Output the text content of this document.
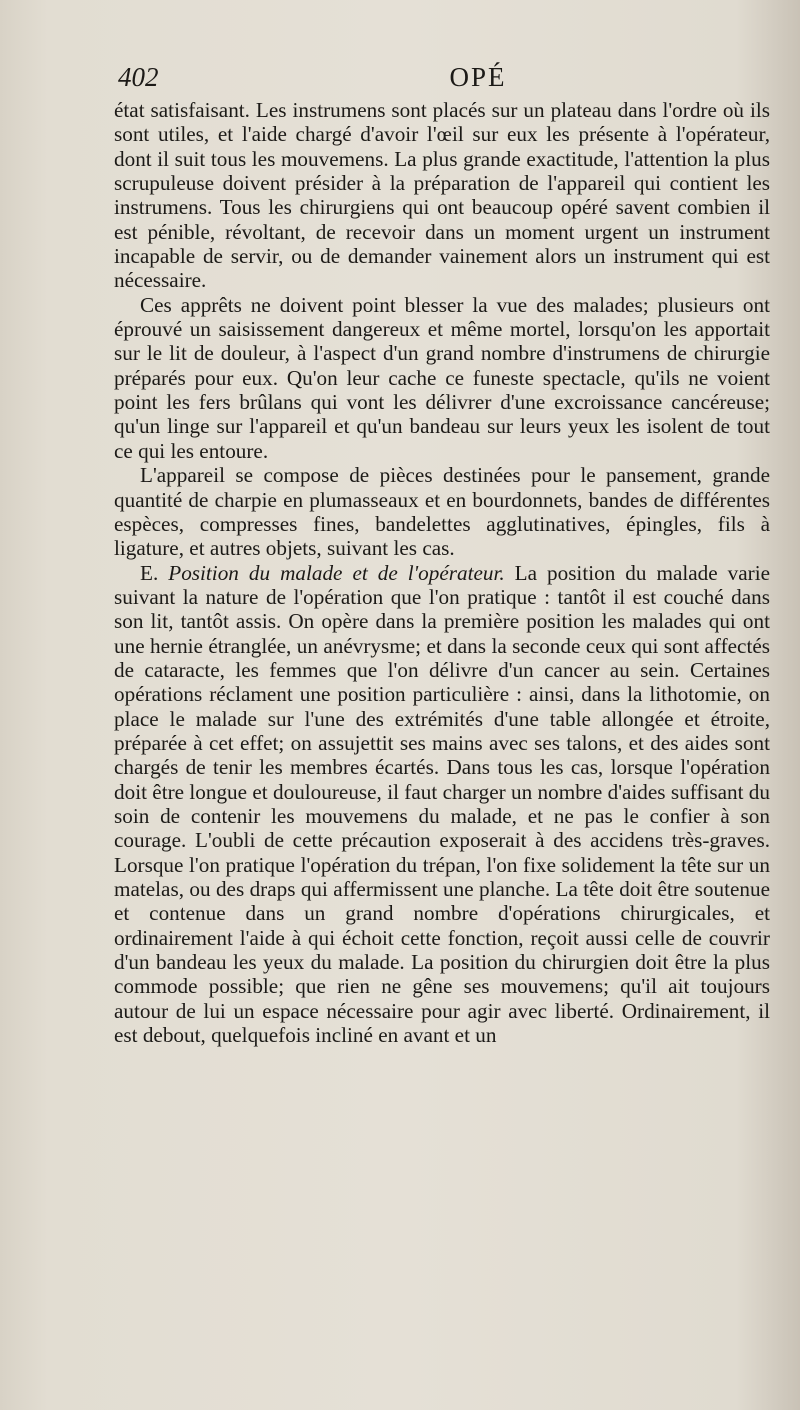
402	OPÉ

état satisfaisant. Les instrumens sont placés sur un plateau dans l'ordre où ils sont utiles, et l'aide chargé d'avoir l'œil sur eux les présente à l'opérateur, dont il suit tous les mouvemens. La plus grande exactitude, l'attention la plus scrupuleuse doivent présider à la préparation de l'appareil qui contient les instrumens. Tous les chirurgiens qui ont beaucoup opéré savent combien il est pénible, révoltant, de recevoir dans un moment urgent un instrument incapable de servir, ou de demander vainement alors un instrument qui est nécessaire.

Ces apprêts ne doivent point blesser la vue des malades; plusieurs ont éprouvé un saisissement dangereux et même mortel, lorsqu'on les apportait sur le lit de douleur, à l'aspect d'un grand nombre d'instrumens de chirurgie préparés pour eux. Qu'on leur cache ce funeste spectacle, qu'ils ne voient point les fers brûlans qui vont les délivrer d'une excroissance cancéreuse; qu'un linge sur l'appareil et qu'un bandeau sur leurs yeux les isolent de tout ce qui les entoure.

L'appareil se compose de pièces destinées pour le pansement, grande quantité de charpie en plumasseaux et en bourdonnets, bandes de différentes espèces, compresses fines, bandelettes agglutinatives, épingles, fils à ligature, et autres objets, suivant les cas.

E. Position du malade et de l'opérateur. La position du malade varie suivant la nature de l'opération que l'on pratique : tantôt il est couché dans son lit, tantôt assis. On opère dans la première position les malades qui ont une hernie étranglée, un anévrysme; et dans la seconde ceux qui sont affectés de cataracte, les femmes que l'on délivre d'un cancer au sein. Certaines opérations réclament une position particulière : ainsi, dans la lithotomie, on place le malade sur l'une des extrémités d'une table allongée et étroite, préparée à cet effet; on assujettit ses mains avec ses talons, et des aides sont chargés de tenir les membres écartés. Dans tous les cas, lorsque l'opération doit être longue et douloureuse, il faut charger un nombre d'aides suffisant du soin de contenir les mouvemens du malade, et ne pas le confier à son courage. L'oubli de cette précaution exposerait à des accidens très-graves. Lorsque l'on pratique l'opération du trépan, l'on fixe solidement la tête sur un matelas, ou des draps qui affermissent une planche. La tête doit être soutenue et contenue dans un grand nombre d'opérations chirurgicales, et ordinairement l'aide à qui échoit cette fonction, reçoit aussi celle de couvrir d'un bandeau les yeux du malade. La position du chirurgien doit être la plus commode possible; que rien ne gêne ses mouvemens; qu'il ait toujours autour de lui un espace nécessaire pour agir avec liberté. Ordinairement, il est debout, quelquefois incliné en avant et un
